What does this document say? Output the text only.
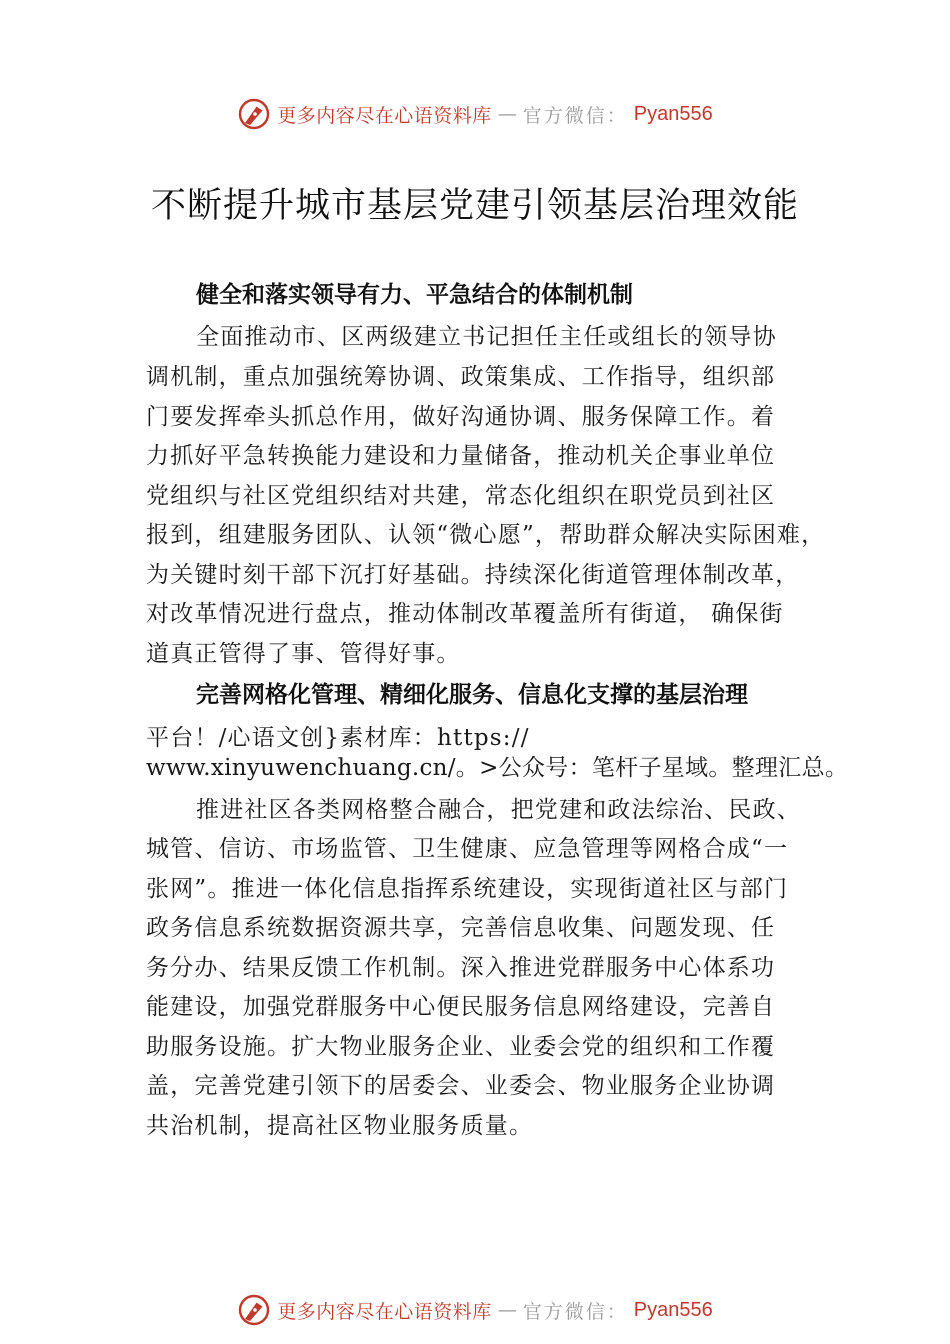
更多内容尽在心语资料库 — 官方微信： Pyan556
不断提升城市基层党建引领基层治理效能
健全和落实领导有力、平急结合的体制机制
全面推动市、区两级建立书记担任主任或组长的领导协
调机制，重点加强统筹协调、政策集成、工作指导，组织部
门要发挥牵头抓总作用，做好沟通协调、服务保障工作。着
力抓好平急转换能力建设和力量储备，推动机关企事业单位
党组织与社区党组织结对共建，常态化组织在职党员到社区
报到，组建服务团队、认领“微心愿”，帮助群众解决实际困难，
为关键时刻干部下沉打好基础。持续深化街道管理体制改革，
对改革情况进行盘点，推动体制改革覆盖所有街道， 确保街
道真正管得了事、管得好事。
完善网格化管理、精细化服务、信息化支撑的基层治理
平台！/心语文创}素材库：https://
www.xinyuwenchuang.cn/。>公众号：笔杆子星域。整理汇总。
推进社区各类网格整合融合，把党建和政法综治、民政、
城管、信访、市场监管、卫生健康、应急管理等网格合成“一
张网”。推进一体化信息指挥系统建设，实现街道社区与部门
政务信息系统数据资源共享，完善信息收集、问题发现、任
务分办、结果反馈工作机制。深入推进党群服务中心体系功
能建设，加强党群服务中心便民服务信息网络建设，完善自
助服务设施。扩大物业服务企业、业委会党的组织和工作覆
盖，完善党建引领下的居委会、业委会、物业服务企业协调
共治机制，提高社区物业服务质量。
更多内容尽在心语资料库 — 官方微信： Pyan556
